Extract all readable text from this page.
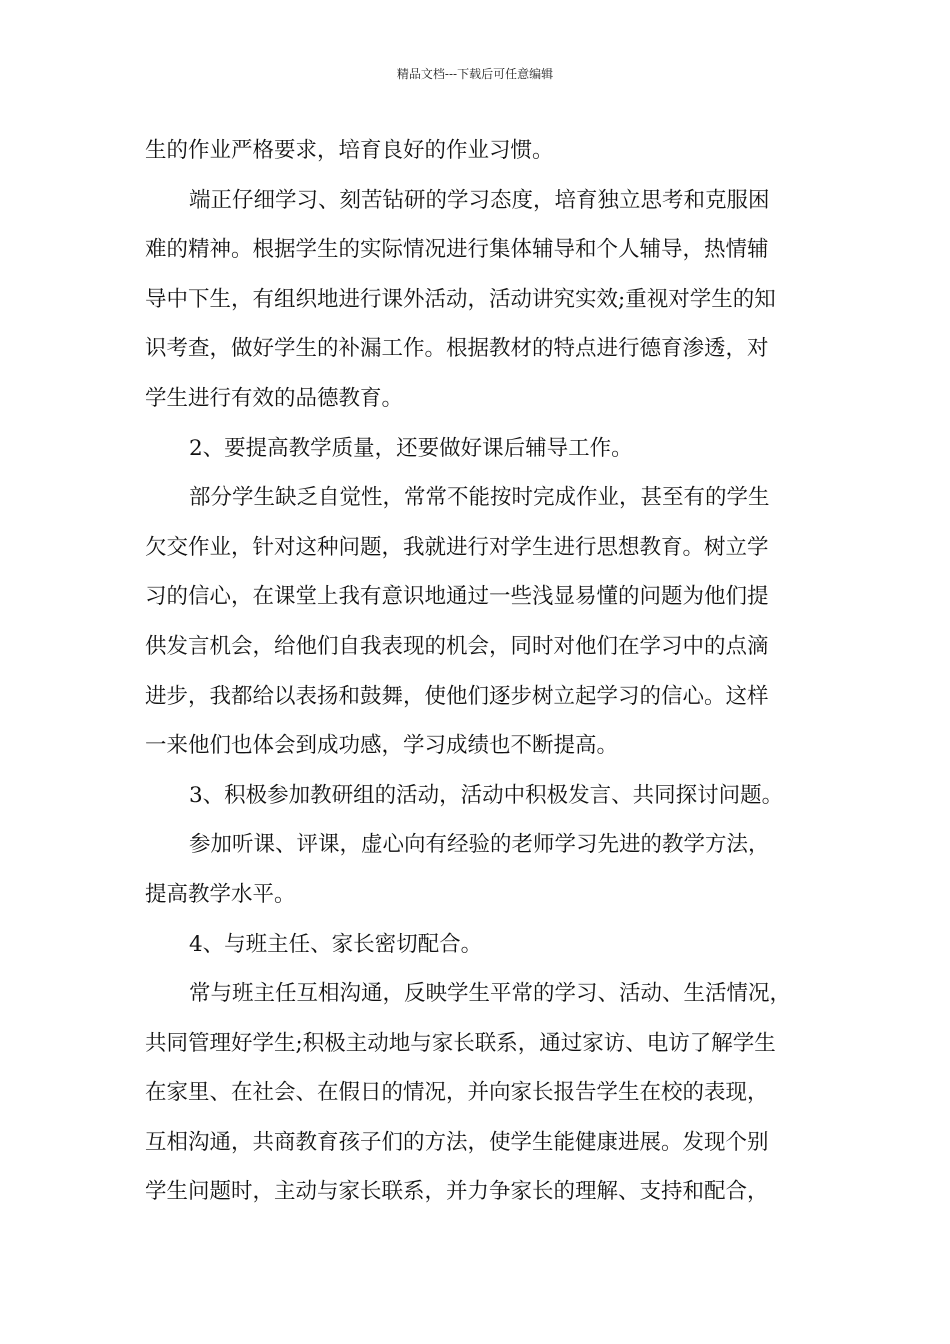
精品文档---下载后可任意编辑

生的作业严格要求，培育良好的作业习惯。

端正仔细学习、刻苦钻研的学习态度，培育独立思考和克服困
难的精神。根据学生的实际情况进行集体辅导和个人辅导，热情辅
导中下生，有组织地进行课外活动，活动讲究实效;重视对学生的知
识考查，做好学生的补漏工作。根据教材的特点进行德育渗透，对
学生进行有效的品德教育。

2、要提高教学质量，还要做好课后辅导工作。

部分学生缺乏自觉性，常常不能按时完成作业，甚至有的学生
欠交作业，针对这种问题，我就进行对学生进行思想教育。树立学
习的信心，在课堂上我有意识地通过一些浅显易懂的问题为他们提
供发言机会，给他们自我表现的机会，同时对他们在学习中的点滴
进步，我都给以表扬和鼓舞，使他们逐步树立起学习的信心。这样
一来他们也体会到成功感，学习成绩也不断提高。

3、积极参加教研组的活动，活动中积极发言、共同探讨问题。

参加听课、评课，虚心向有经验的老师学习先进的教学方法，
提高教学水平。

4、与班主任、家长密切配合。

常与班主任互相沟通，反映学生平常的学习、活动、生活情况，
共同管理好学生;积极主动地与家长联系，通过家访、电访了解学生
在家里、在社会、在假日的情况，并向家长报告学生在校的表现，
互相沟通，共商教育孩子们的方法，使学生能健康进展。发现个别
学生问题时，主动与家长联系，并力争家长的理解、支持和配合，
